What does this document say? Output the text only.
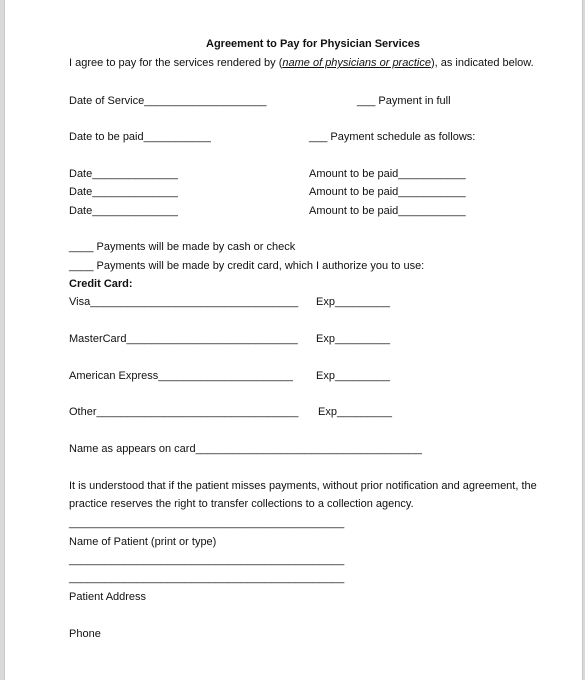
Agreement to Pay for Physician Services
I agree to pay for the services rendered by (name of physicians or practice), as indicated below.
Date of Service____________________	___ Payment in full
Date to be paid___________	___ Payment schedule as follows:
Date______________	Amount to be paid___________
Date______________	Amount to be paid___________
Date______________	Amount to be paid___________
____ Payments will be made by cash or check
____ Payments will be made by credit card, which I authorize you to use:
Credit Card:
Visa__________________________________ Exp_________
MasterCard____________________________ Exp_________
American Express______________________ Exp_________
Other_________________________________ Exp_________
Name as appears on card_____________________________________
It is understood that if the patient misses payments, without prior notification and agreement, the
practice reserves the right to transfer collections to a collection agency.
_____________________________________________
Name of Patient (print or type)
_____________________________________________
_____________________________________________
Patient Address
Phone
